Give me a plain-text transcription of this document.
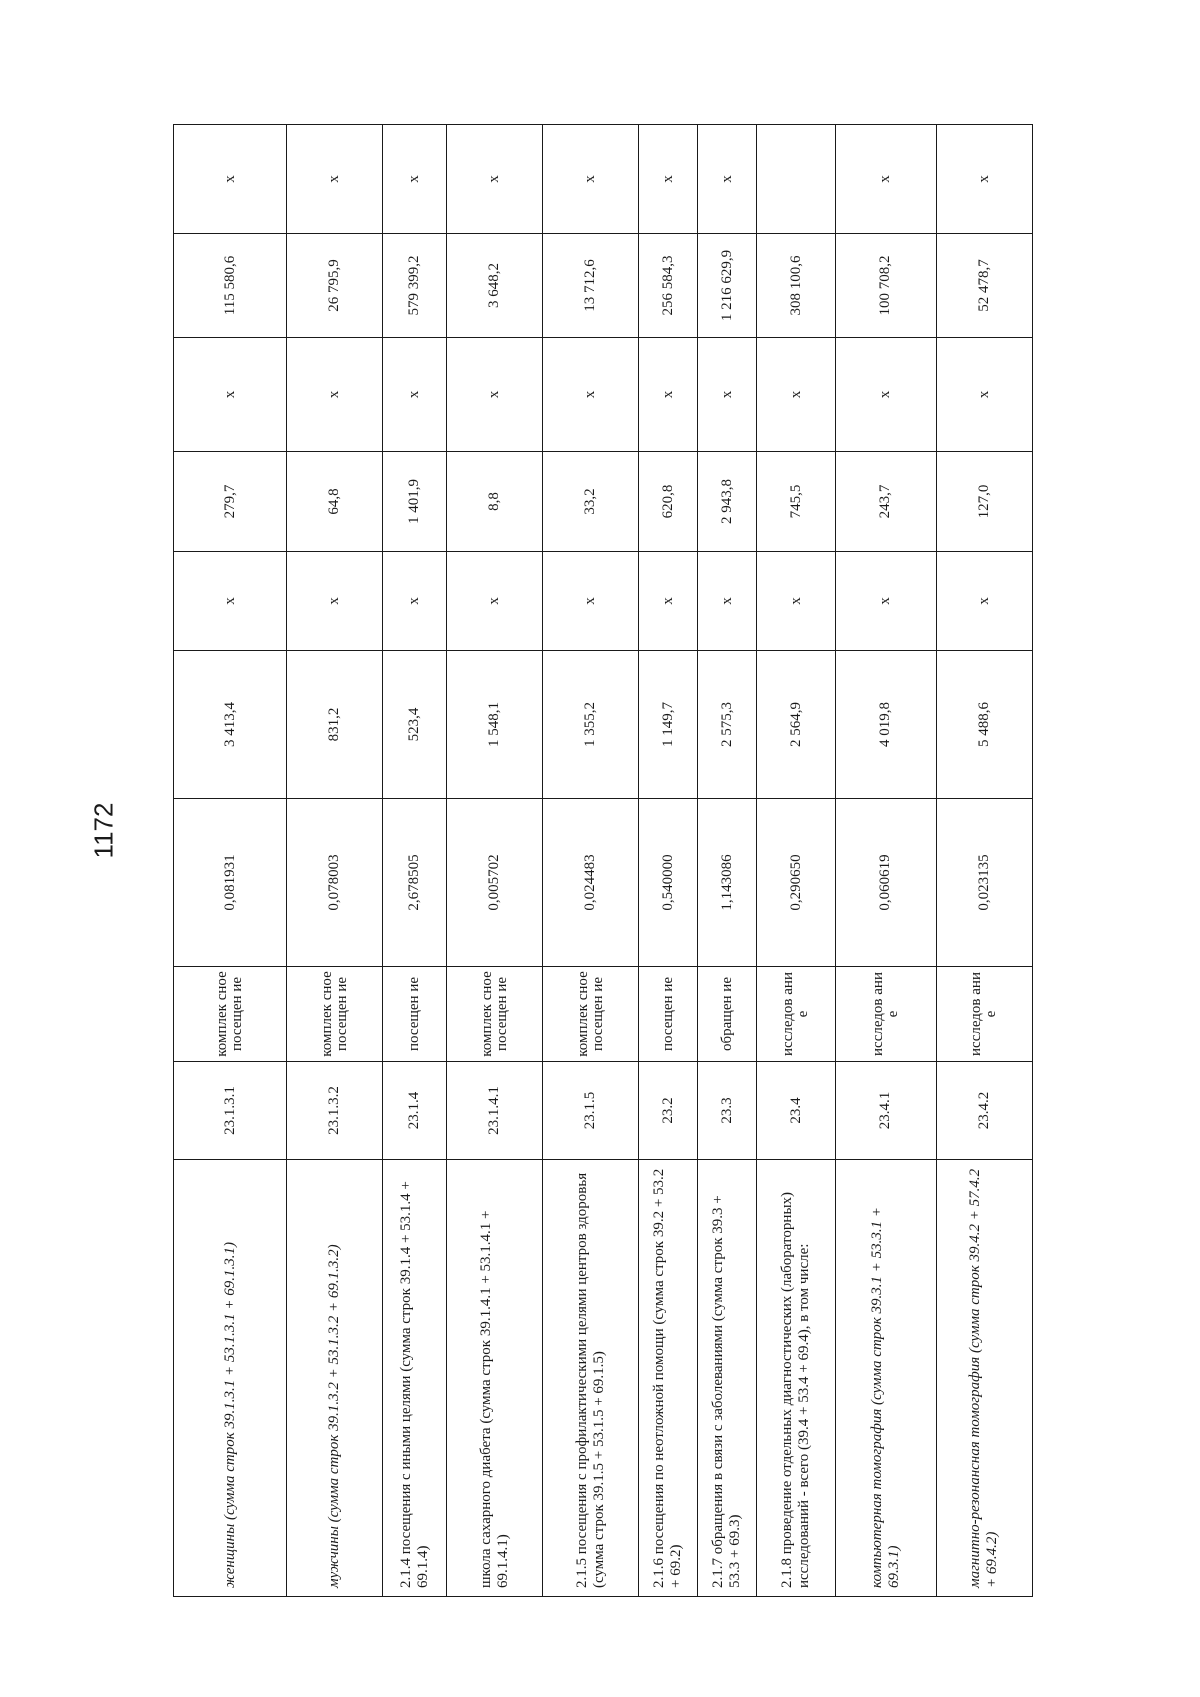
1172
женщины (сумма строк 39.1.3.1 + 53.1.3.1 + 69.1.3.1)	23.1.3.1	комплек сное посещен ие	0,081931	3 413,4	х	279,7	х	115 580,6	х
мужчины (сумма строк 39.1.3.2 + 53.1.3.2 + 69.1.3.2)	23.1.3.2	комплек сное посещен ие	0,078003	831,2	х	64,8	х	26 795,9	х
2.1.4 посещения с иными целями (сумма строк 39.1.4 + 53.1.4 + 69.1.4)	23.1.4	посещен ие	2,678505	523,4	х	1 401,9	х	579 399,2	х
школа сахарного диабета (сумма строк 39.1.4.1 + 53.1.4.1 + 69.1.4.1)	23.1.4.1	комплек сное посещен ие	0,005702	1 548,1	х	8,8	х	3 648,2	х
2.1.5 посещения с профилактическими целями центров здоровья (сумма строк 39.1.5 + 53.1.5 + 69.1.5)	23.1.5	комплек сное посещен ие	0,024483	1 355,2	х	33,2	х	13 712,6	х
2.1.6 посещения по неотложной помощи (сумма строк 39.2 + 53.2 + 69.2)	23.2	посещен ие	0,540000	1 149,7	х	620,8	х	256 584,3	х
2.1.7 обращения в связи с заболеваниями (сумма строк 39.3 + 53.3 + 69.3)	23.3	обращен ие	1,143086	2 575,3	х	2 943,8	х	1 216 629,9	х
2.1.8 проведение отдельных диагностических (лабораторных) исследований - всего (39.4 + 53.4 + 69.4), в том числе:	23.4	исследов ание	0,290650	2 564,9	х	745,5	х	308 100,6	
компьютерная томография (сумма строк 39.3.1 + 53.3.1 + 69.3.1)	23.4.1	исследов ание	0,060619	4 019,8	х	243,7	х	100 708,2	х
магнитно-резонансная томография (сумма строк 39.4.2 + 57.4.2 + 69.4.2)	23.4.2	исследов ание	0,023135	5 488,6	х	127,0	х	52 478,7	х
